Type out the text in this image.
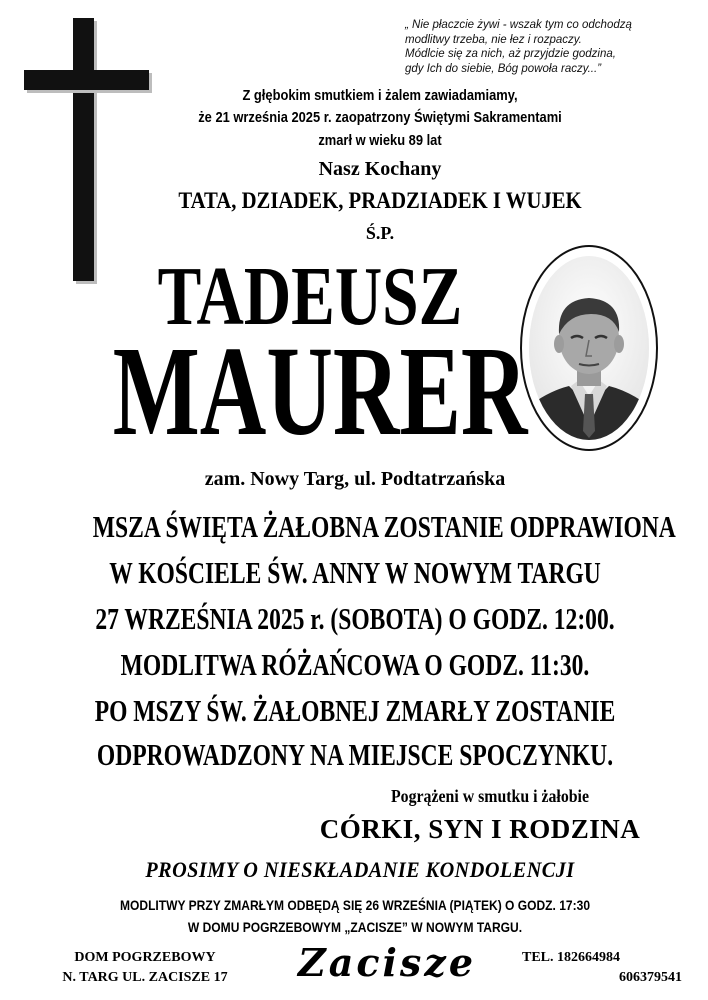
„ Nie płaczcie żywi - wszak tym co odchodzą
modlitwy trzeba, nie łez i rozpaczy.
Módlcie się za nich, aż przyjdzie godzina,
gdy Ich do siebie, Bóg powoła raczy...”
Z głębokim smutkiem i żalem zawiadamiamy,
że 21 września 2025 r. zaopatrzony Świętymi Sakramentami
zmarł w wieku 89 lat
Nasz Kochany
TATA, DZIADEK, PRADZIADEK I WUJEK
Ś.P.
TADEUSZ
MAURER
zam. Nowy Targ, ul. Podtatrzańska
MSZA ŚWIĘTA ŻAŁOBNA ZOSTANIE ODPRAWIONA
W KOŚCIELE ŚW. ANNY W NOWYM TARGU
27 WRZEŚNIA 2025 r. (SOBOTA) O GODZ. 12:00.
MODLITWA RÓŻAŃCOWA O GODZ. 11:30.
PO MSZY ŚW. ŻAŁOBNEJ ZMARŁY ZOSTANIE
ODPROWADZONY NA MIEJSCE SPOCZYNKU.
Pogrążeni w smutku i żałobie
CÓRKI, SYN I RODZINA
PROSIMY O NIESKŁADANIE KONDOLENCJI
MODLITWY PRZY ZMARŁYM ODBĘDĄ SIĘ 26 WRZEŚNIA (PIĄTEK) O GODZ. 17:30
W DOMU POGRZEBOWYM „ZACISZE” W NOWYM TARGU.
DOM POGRZEBOWY
N. TARG UL. ZACISZE 17	Zacisze	TEL. 182664984
606379541
